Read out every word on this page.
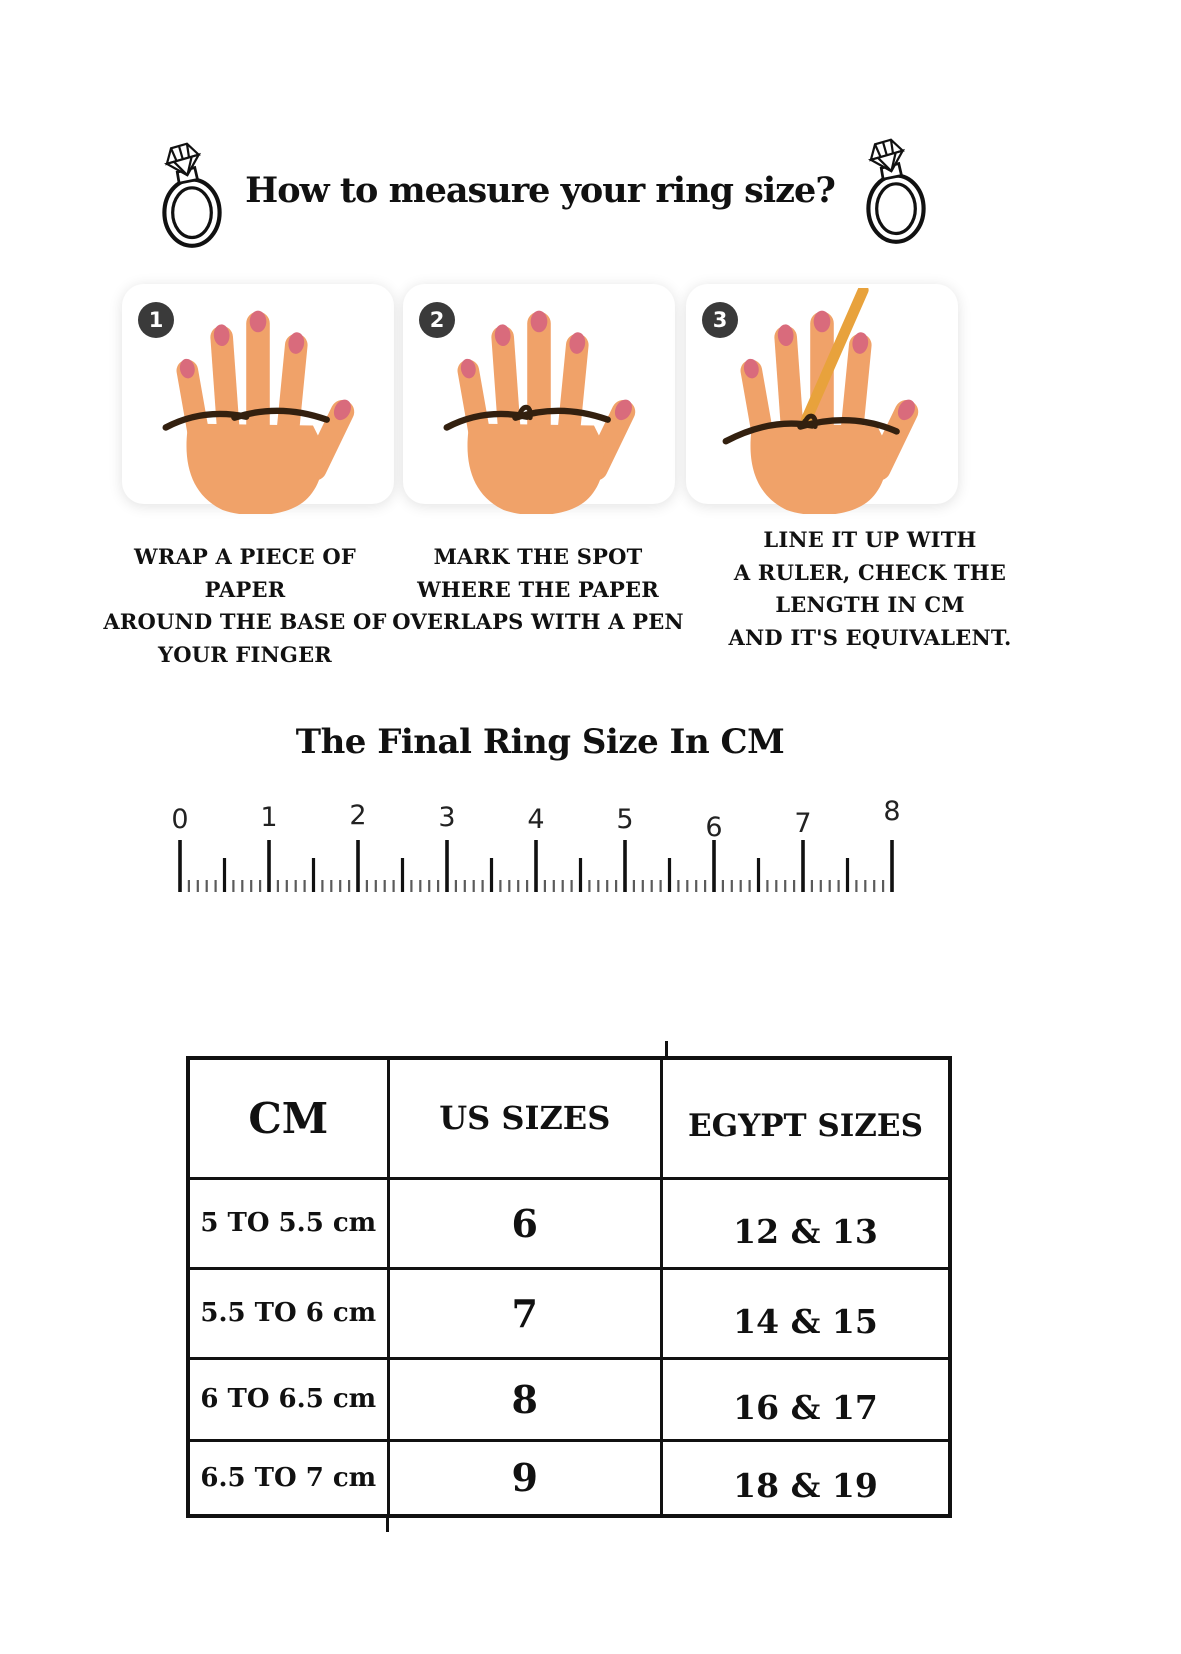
How to measure your ring size?
1	2	3
WRAP A PIECE OF PAPER
AROUND THE BASE OF
YOUR FINGER
MARK THE SPOT
WHERE THE PAPER
OVERLAPS WITH A PEN
LINE IT UP WITH
A RULER, CHECK THE
LENGTH IN CM
AND IT'S EQUIVALENT.
The Final Ring Size In CM
0	1	2	3	4	5	6	7	8
CM	US SIZES	EGYPT SIZES
5 TO 5.5 cm	6	12 & 13
5.5 TO 6 cm	7	14 & 15
6 TO 6.5 cm	8	16 & 17
6.5 TO 7 cm	9	18 & 19
